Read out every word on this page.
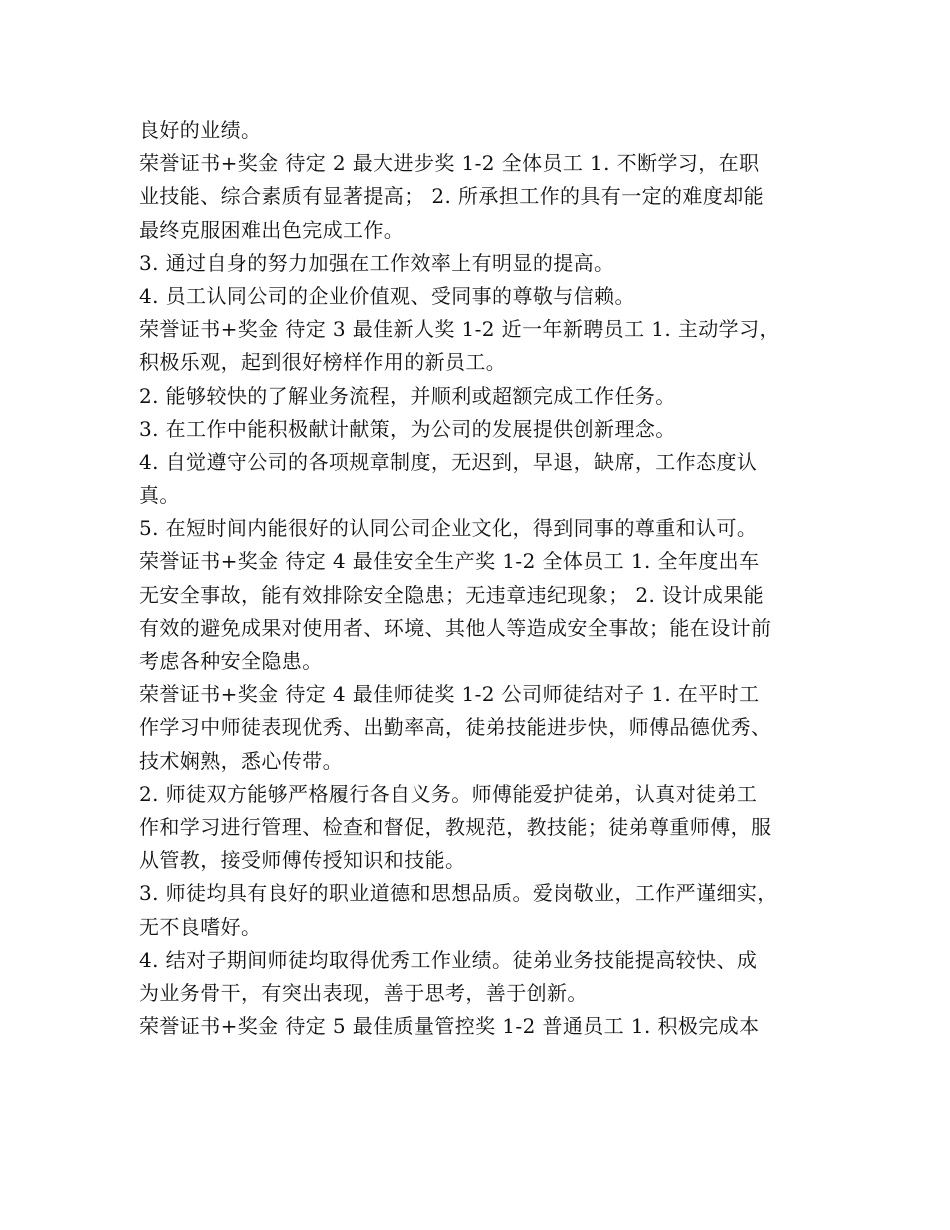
良好的业绩。
荣誉证书+奖金 待定 2 最大进步奖 1-2 全体员工 1. 不断学习，在职
业技能、综合素质有显著提高； 2. 所承担工作的具有一定的难度却能
最终克服困难出色完成工作。
3. 通过自身的努力加强在工作效率上有明显的提高。
4. 员工认同公司的企业价值观、受同事的尊敬与信赖。
荣誉证书+奖金 待定 3 最佳新人奖 1-2 近一年新聘员工 1. 主动学习，
积极乐观，起到很好榜样作用的新员工。
2. 能够较快的了解业务流程，并顺利或超额完成工作任务。
3. 在工作中能积极献计献策，为公司的发展提供创新理念。
4. 自觉遵守公司的各项规章制度，无迟到，早退，缺席，工作态度认
真。
5. 在短时间内能很好的认同公司企业文化，得到同事的尊重和认可。
荣誉证书+奖金 待定 4 最佳安全生产奖 1-2 全体员工 1. 全年度出车
无安全事故，能有效排除安全隐患；无违章违纪现象； 2. 设计成果能
有效的避免成果对使用者、环境、其他人等造成安全事故；能在设计前
考虑各种安全隐患。
荣誉证书+奖金 待定 4 最佳师徒奖 1-2 公司师徒结对子 1. 在平时工
作学习中师徒表现优秀、出勤率高，徒弟技能进步快，师傅品德优秀、
技术娴熟，悉心传带。
2. 师徒双方能够严格履行各自义务。师傅能爱护徒弟，认真对徒弟工
作和学习进行管理、检查和督促，教规范，教技能；徒弟尊重师傅，服
从管教，接受师傅传授知识和技能。
3. 师徒均具有良好的职业道德和思想品质。爱岗敬业，工作严谨细实，
无不良嗜好。
4. 结对子期间师徒均取得优秀工作业绩。徒弟业务技能提高较快、成
为业务骨干，有突出表现，善于思考，善于创新。
荣誉证书+奖金 待定 5 最佳质量管控奖 1-2 普通员工 1. 积极完成本
